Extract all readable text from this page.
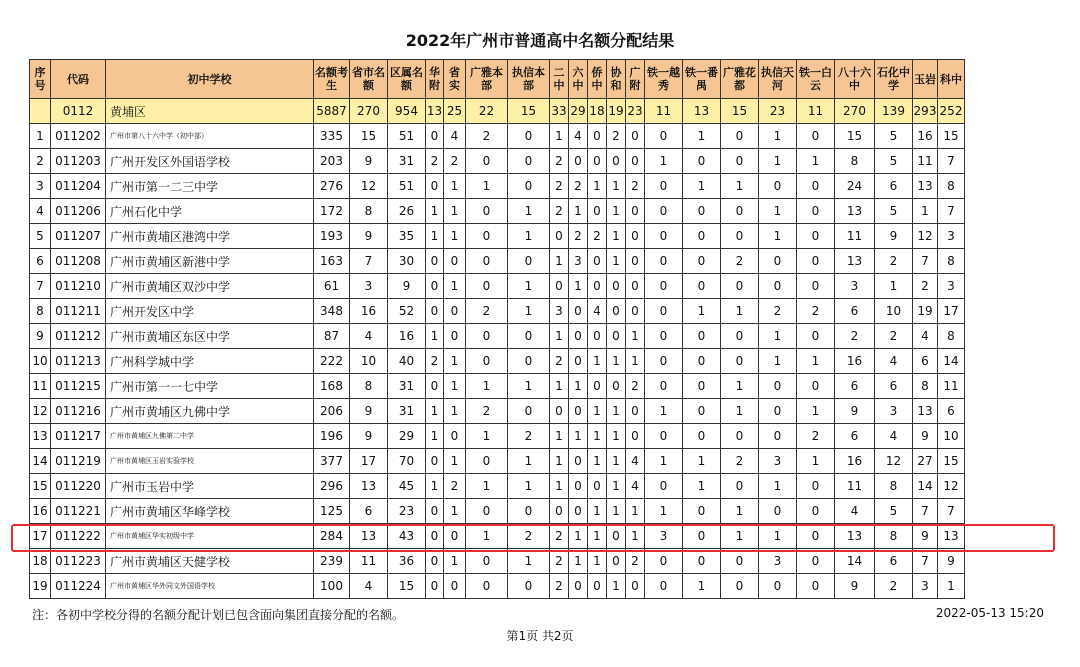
2022年广州市普通高中名额分配结果
序号	代码	初中学校	名额考生	省市名额	区属名额	华附	省实	广雅本部	执信本部	二中	六中	侨中	协和	广附	铁一越秀	铁一番禺	广雅花都	执信天河	铁一白云	八十六中	石化中学	玉岩	科中
	0112	黄埔区	5887	270	954	13	25	22	15	33	29	18	19	23	11	13	15	23	11	270	139	293	252
1	011202	广州市第八十六中学（初中部）	335	15	51	0	4	2	0	1	4	0	2	0	0	1	0	1	0	15	5	16	15
2	011203	广州开发区外国语学校	203	9	31	2	2	0	0	2	0	0	0	0	1	0	0	1	1	8	5	11	7
3	011204	广州市第一二三中学	276	12	51	0	1	1	0	2	2	1	1	2	0	1	1	0	0	24	6	13	8
4	011206	广州石化中学	172	8	26	1	1	0	1	2	1	0	1	0	0	0	0	1	0	13	5	1	7
5	011207	广州市黄埔区港湾中学	193	9	35	1	1	0	1	0	2	2	1	0	0	0	0	1	0	11	9	12	3
6	011208	广州市黄埔区新港中学	163	7	30	0	0	0	0	1	3	0	1	0	0	0	2	0	0	13	2	7	8
7	011210	广州市黄埔区双沙中学	61	3	9	0	1	0	1	0	1	0	0	0	0	0	0	0	0	3	1	2	3
8	011211	广州开发区中学	348	16	52	0	0	2	1	3	0	4	0	0	0	1	1	2	2	6	10	19	17
9	011212	广州市黄埔区东区中学	87	4	16	1	0	0	0	1	0	0	0	1	0	0	0	1	0	2	2	4	8
10	011213	广州科学城中学	222	10	40	2	1	0	0	2	0	1	1	1	0	0	0	1	1	16	4	6	14
11	011215	广州市第一一七中学	168	8	31	0	1	1	1	1	1	0	0	2	0	0	1	0	0	6	6	8	11
12	011216	广州市黄埔区九佛中学	206	9	31	1	1	2	0	0	0	1	1	0	1	0	1	0	1	9	3	13	6
13	011217	广州市黄埔区九佛第二中学	196	9	29	1	0	1	2	1	1	1	1	0	0	0	0	0	2	6	4	9	10
14	011219	广州市黄埔区玉岩实验学校	377	17	70	0	1	0	1	1	0	1	1	4	1	1	2	3	1	16	12	27	15
15	011220	广州市玉岩中学	296	13	45	1	2	1	1	1	0	0	1	4	0	1	0	1	0	11	8	14	12
16	011221	广州市黄埔区华峰学校	125	6	23	0	1	0	0	0	0	1	1	1	1	0	1	0	0	4	5	7	7
17	011222	广州市黄埔区华实初级中学	284	13	43	0	0	1	2	2	1	1	0	1	3	0	1	1	0	13	8	9	13
18	011223	广州市黄埔区天健学校	239	11	36	0	1	0	1	2	1	1	0	2	0	0	0	3	0	14	6	7	9
19	011224	广州市黄埔区华外同文外国语学校	100	4	15	0	0	0	0	2	0	0	1	0	0	1	0	0	0	9	2	3	1
注：各初中学校分得的名额分配计划已包含面向集团直接分配的名额。	2022-05-13 15:20
第1页 共2页
